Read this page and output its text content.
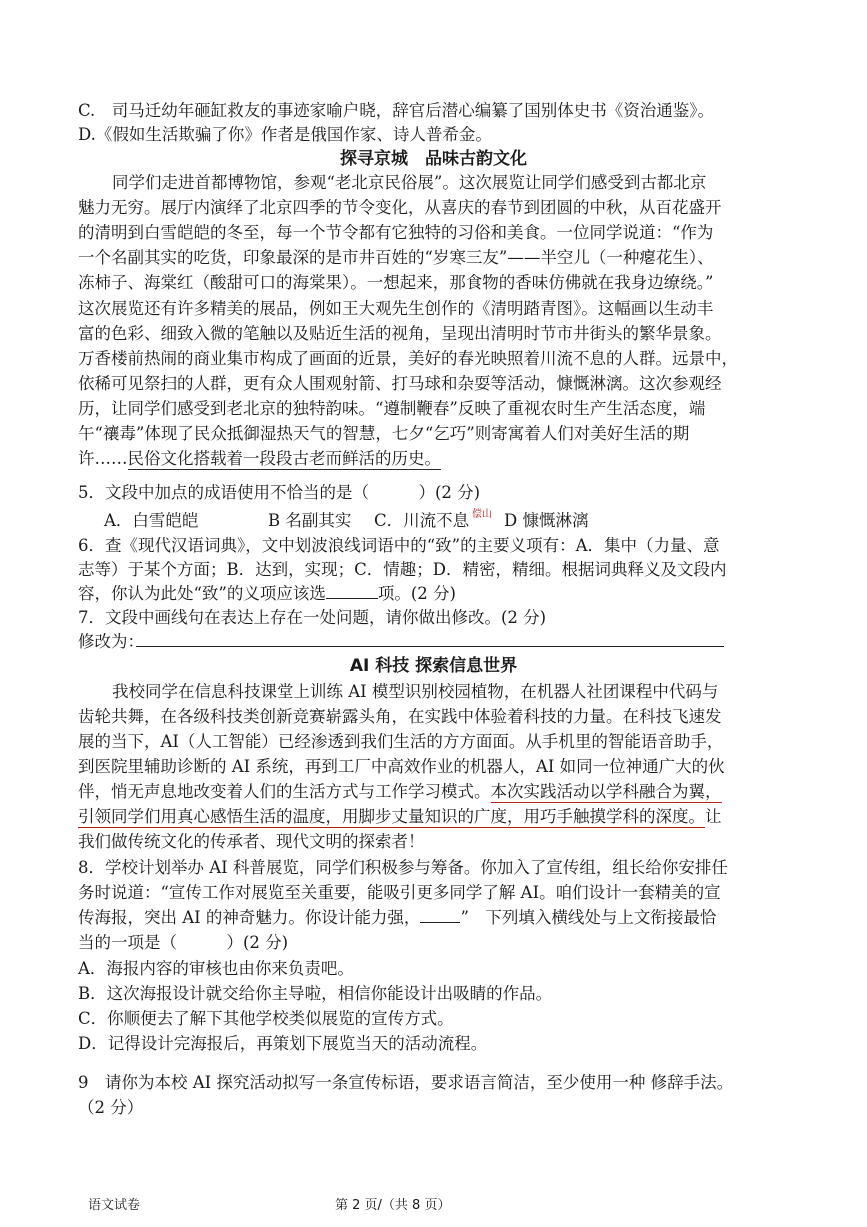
C.　司马迁幼年砸缸救友的事迹家喻户晓，辞官后潜心编纂了国别体史书《资治通鉴》。
D.《假如生活欺骗了你》作者是俄国作家、诗人普希金。
探寻京城　品味古韵文化
同学们走进首都博物馆，参观“老北京民俗展”。这次展览让同学们感受到古都北京
魅力无穷。展厅内演绎了北京四季的节令变化，从喜庆的春节到团圆的中秋，从百花盛开
的清明到白雪皑皑的冬至，每一个节令都有它独特的习俗和美食。一位同学说道：“作为
一个名副其实的吃货，印象最深的是市井百姓的“岁寒三友”——半空儿（一种瘪花生）、
冻柿子、海棠红（酸甜可口的海棠果）。一想起来，那食物的香味仿佛就在我身边缭绕。”
这次展览还有许多精美的展品，例如王大观先生创作的《清明踏青图》。这幅画以生动丰
富的色彩、细致入微的笔触以及贴近生活的视角，呈现出清明时节市井街头的繁华景象。
万香楼前热闹的商业集市构成了画面的近景，美好的春光映照着川流不息的人群。远景中，
依稀可见祭扫的人群，更有众人围观射箭、打马球和杂耍等活动，慷慨淋漓。这次参观经
历，让同学们感受到老北京的独特韵味。“遵制鞭春”反映了重视农时生产生活态度，端
午“禳毒”体现了民众抵御湿热天气的智慧，七夕“乞巧”则寄寓着人们对美好生活的期
许……民俗文化搭载着一段段古老而鲜活的历史。
5．文段中加点的成语使用不恰当的是（　　　）(2 分)
A．白雪皑皑	B 名副其实 C．川流不息 $^{偿山}$ D 慷慨淋漓
6．查《现代汉语词典》，文中划波浪线词语中的“致”的主要义项有：A．集中（力量、意
志等）于某个方面；B．达到，实现；C．情趣；D．精密，精细。根据词典释义及文段内
容，你认为此处“致”的义项应该选	项。(2 分)
7．文段中画线句在表达上存在一处问题，请你做出修改。(2 分)
修改为：
AI 科技 探索信息世界
我校同学在信息科技课堂上训练 AI 模型识别校园植物，在机器人社团课程中代码与
齿轮共舞，在各级科技类创新竞赛崭露头角，在实践中体验着科技的力量。在科技飞速发
展的当下，AI（人工智能）已经渗透到我们生活的方方面面。从手机里的智能语音助手，
到医院里辅助诊断的 AI 系统，再到工厂中高效作业的机器人，AI 如同一位神通广大的伙
伴，悄无声息地改变着人们的生活方式与工作学习模式。本次实践活动以学科融合为翼，
引领同学们用真心感悟生活的温度，用脚步丈量知识的广度，用巧手触摸学科的深度。让
我们做传统文化的传承者、现代文明的探索者！
8．学校计划举办 AI 科普展览，同学们积极参与筹备。你加入了宣传组，组长给你安排任
务时说道：“宣传工作对展览至关重要，能吸引更多同学了解 AI。咱们设计一套精美的宣
传海报，突出 AI 的神奇魅力。你设计能力强， ”　下列填入横线处与上文衔接最恰
当的一项是（　　　）(2 分)
A．海报内容的审核也由你来负责吧。
B．这次海报设计就交给你主导啦，相信你能设计出吸睛的作品。
C．你顺便去了解下其他学校类似展览的宣传方式。
D．记得设计完海报后，再策划下展览当天的活动流程。
9　请你为本校 AI 探究活动拟写一条宣传标语，要求语言简洁，至少使用一种 修辞手法。
（2 分）
语文试卷	第 2 页/（共 8 页）
